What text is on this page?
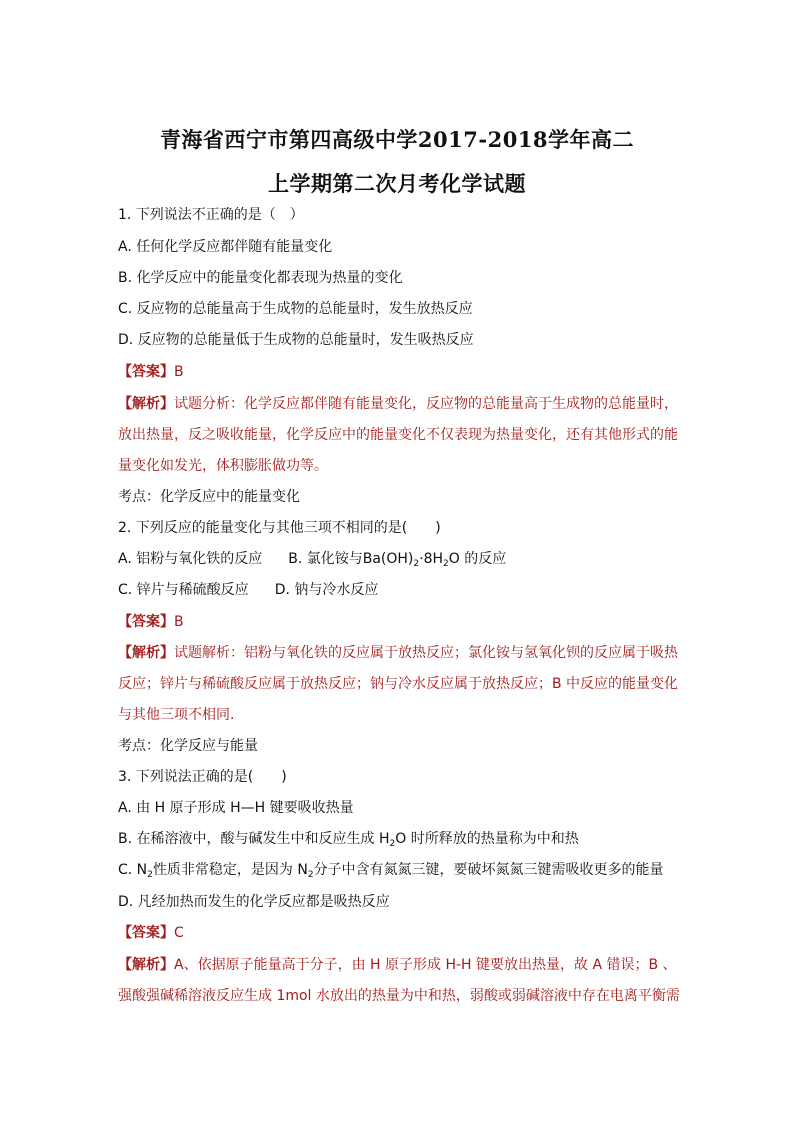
青海省西宁市第四高级中学2017-2018学年高二
上学期第二次月考化学试题
1. 下列说法不正确的是（　）
A. 任何化学反应都伴随有能量变化
B. 化学反应中的能量变化都表现为热量的变化
C. 反应物的总能量高于生成物的总能量时，发生放热反应
D. 反应物的总能量低于生成物的总能量时，发生吸热反应
【答案】B
【解析】试题分析：化学反应都伴随有能量变化，反应物的总能量高于生成物的总能量时，
放出热量，反之吸收能量，化学反应中的能量变化不仅表现为热量变化，还有其他形式的能
量变化如发光，体积膨胀做功等。
考点：化学反应中的能量变化
2. 下列反应的能量变化与其他三项不相同的是(　　)
A. 铝粉与氧化铁的反应 B. 氯化铵与$Ba(OH)_2\cdot 8H_2O$ 的反应
C. 锌片与稀硫酸反应 D. 钠与冷水反应
【答案】B
【解析】试题解析：铝粉与氧化铁的反应属于放热反应；氯化铵与氢氧化钡的反应属于吸热
反应；锌片与稀硫酸反应属于放热反应；钠与冷水反应属于放热反应；B 中反应的能量变化
与其他三项不相同.
考点：化学反应与能量
3. 下列说法正确的是(　　)
A. 由 H 原子形成 H—H 键要吸收热量
B. 在稀溶液中，酸与碱发生中和反应生成 $H_2O$ 时所释放的热量称为中和热
C. $N_2$性质非常稳定，是因为 $N_2$分子中含有氮氮三键，要破坏氮氮三键需吸收更多的能量
D. 凡经加热而发生的化学反应都是吸热反应
【答案】C
【解析】A、依据原子能量高于分子，由 H 原子形成 H-H 键要放出热量，故 A 错误；B 、
强酸强碱稀溶液反应生成 1mol 水放出的热量为中和热，弱酸或弱碱溶液中存在电离平衡需
